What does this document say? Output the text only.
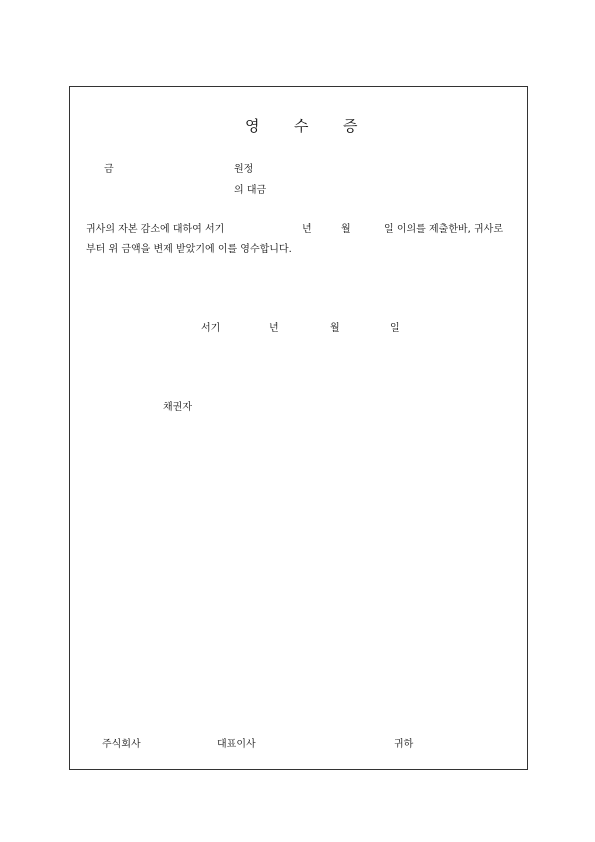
영 수 증
금	원정
의 대금
귀사의 자본 감소에 대하여 서기	년	월	일 이의를 제출한바, 귀사로
부터 위 금액을 변제 받았기에 이를 영수합니다.
서기	년	월	일
채권자
주식회사	대표이사	귀하
